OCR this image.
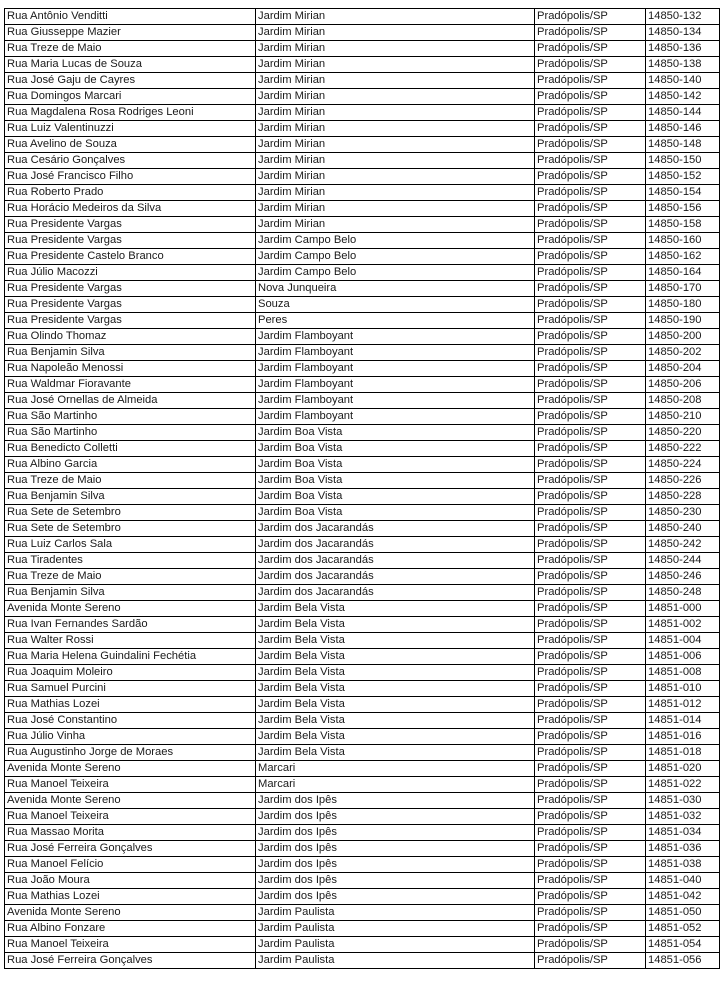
Rua Antônio Venditti	Jardim Mirian	Pradópolis/SP	14850-132
Rua Giusseppe Mazier	Jardim Mirian	Pradópolis/SP	14850-134
Rua Treze de Maio	Jardim Mirian	Pradópolis/SP	14850-136
Rua Maria Lucas de Souza	Jardim Mirian	Pradópolis/SP	14850-138
Rua José Gaju de Cayres	Jardim Mirian	Pradópolis/SP	14850-140
Rua Domingos Marcari	Jardim Mirian	Pradópolis/SP	14850-142
Rua Magdalena Rosa Rodriges Leoni	Jardim Mirian	Pradópolis/SP	14850-144
Rua Luiz Valentinuzzi	Jardim Mirian	Pradópolis/SP	14850-146
Rua Avelino de Souza	Jardim Mirian	Pradópolis/SP	14850-148
Rua Cesário Gonçalves	Jardim Mirian	Pradópolis/SP	14850-150
Rua José Francisco Filho	Jardim Mirian	Pradópolis/SP	14850-152
Rua Roberto Prado	Jardim Mirian	Pradópolis/SP	14850-154
Rua Horácio Medeiros da Silva	Jardim Mirian	Pradópolis/SP	14850-156
Rua Presidente Vargas	Jardim Mirian	Pradópolis/SP	14850-158
Rua Presidente Vargas	Jardim Campo Belo	Pradópolis/SP	14850-160
Rua Presidente Castelo Branco	Jardim Campo Belo	Pradópolis/SP	14850-162
Rua Júlio Macozzi	Jardim Campo Belo	Pradópolis/SP	14850-164
Rua Presidente Vargas	Nova Junqueira	Pradópolis/SP	14850-170
Rua Presidente Vargas	Souza	Pradópolis/SP	14850-180
Rua Presidente Vargas	Peres	Pradópolis/SP	14850-190
Rua Olindo Thomaz	Jardim Flamboyant	Pradópolis/SP	14850-200
Rua Benjamin Silva	Jardim Flamboyant	Pradópolis/SP	14850-202
Rua Napoleão Menossi	Jardim Flamboyant	Pradópolis/SP	14850-204
Rua Waldmar Fioravante	Jardim Flamboyant	Pradópolis/SP	14850-206
Rua José Ornellas de Almeida	Jardim Flamboyant	Pradópolis/SP	14850-208
Rua São Martinho	Jardim Flamboyant	Pradópolis/SP	14850-210
Rua São Martinho	Jardim Boa Vista	Pradópolis/SP	14850-220
Rua Benedicto Colletti	Jardim Boa Vista	Pradópolis/SP	14850-222
Rua Albino Garcia	Jardim Boa Vista	Pradópolis/SP	14850-224
Rua Treze de Maio	Jardim Boa Vista	Pradópolis/SP	14850-226
Rua Benjamin Silva	Jardim Boa Vista	Pradópolis/SP	14850-228
Rua Sete de Setembro	Jardim Boa Vista	Pradópolis/SP	14850-230
Rua Sete de Setembro	Jardim dos Jacarandás	Pradópolis/SP	14850-240
Rua Luiz Carlos Sala	Jardim dos Jacarandás	Pradópolis/SP	14850-242
Rua Tiradentes	Jardim dos Jacarandás	Pradópolis/SP	14850-244
Rua Treze de Maio	Jardim dos Jacarandás	Pradópolis/SP	14850-246
Rua Benjamin Silva	Jardim dos Jacarandás	Pradópolis/SP	14850-248
Avenida Monte Sereno	Jardim Bela Vista	Pradópolis/SP	14851-000
Rua Ivan Fernandes Sardão	Jardim Bela Vista	Pradópolis/SP	14851-002
Rua Walter Rossi	Jardim Bela Vista	Pradópolis/SP	14851-004
Rua Maria Helena Guindalini Fechétia	Jardim Bela Vista	Pradópolis/SP	14851-006
Rua Joaquim Moleiro	Jardim Bela Vista	Pradópolis/SP	14851-008
Rua Samuel Purcini	Jardim Bela Vista	Pradópolis/SP	14851-010
Rua Mathias Lozei	Jardim Bela Vista	Pradópolis/SP	14851-012
Rua José Constantino	Jardim Bela Vista	Pradópolis/SP	14851-014
Rua Júlio Vinha	Jardim Bela Vista	Pradópolis/SP	14851-016
Rua Augustinho Jorge de Moraes	Jardim Bela Vista	Pradópolis/SP	14851-018
Avenida Monte Sereno	Marcari	Pradópolis/SP	14851-020
Rua Manoel Teixeira	Marcari	Pradópolis/SP	14851-022
Avenida Monte Sereno	Jardim dos Ipês	Pradópolis/SP	14851-030
Rua Manoel Teixeira	Jardim dos Ipês	Pradópolis/SP	14851-032
Rua Massao Morita	Jardim dos Ipês	Pradópolis/SP	14851-034
Rua José Ferreira Gonçalves	Jardim dos Ipês	Pradópolis/SP	14851-036
Rua Manoel Felício	Jardim dos Ipês	Pradópolis/SP	14851-038
Rua João Moura	Jardim dos Ipês	Pradópolis/SP	14851-040
Rua Mathias Lozei	Jardim dos Ipês	Pradópolis/SP	14851-042
Avenida Monte Sereno	Jardim Paulista	Pradópolis/SP	14851-050
Rua Albino Fonzare	Jardim Paulista	Pradópolis/SP	14851-052
Rua Manoel Teixeira	Jardim Paulista	Pradópolis/SP	14851-054
Rua José Ferreira Gonçalves	Jardim Paulista	Pradópolis/SP	14851-056
